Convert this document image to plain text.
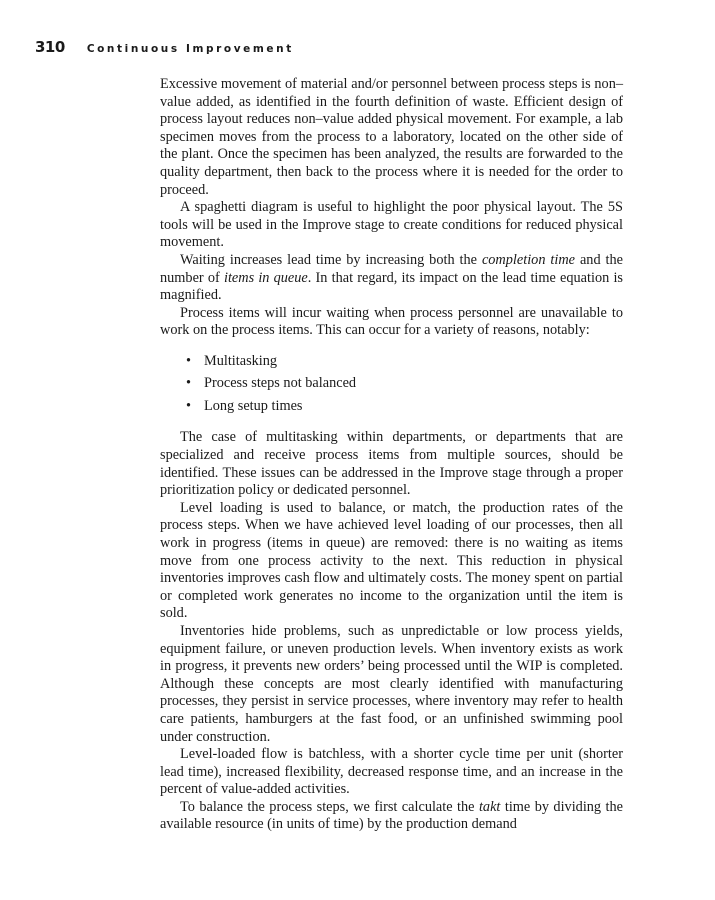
310 Continuous Improvement

Excessive movement of material and/or personnel between process steps is non–value added, as identified in the fourth definition of waste. Efficient design of process layout reduces non–value added physical movement. For example, a lab specimen moves from the process to a laboratory, located on the other side of the plant. Once the specimen has been analyzed, the results are forwarded to the quality department, then back to the process where it is needed for the order to proceed.

A spaghetti diagram is useful to highlight the poor physical layout. The 5S tools will be used in the Improve stage to create conditions for reduced physical movement.

Waiting increases lead time by increasing both the completion time and the number of items in queue. In that regard, its impact on the lead time equation is magnified.

Process items will incur waiting when process personnel are unavailable to work on the process items. This can occur for a variety of reasons, notably:

• Multitasking
• Process steps not balanced
• Long setup times

The case of multitasking within departments, or departments that are specialized and receive process items from multiple sources, should be identified. These issues can be addressed in the Improve stage through a proper prioritization policy or dedicated personnel.

Level loading is used to balance, or match, the production rates of the process steps. When we have achieved level loading of our processes, then all work in progress (items in queue) are removed: there is no waiting as items move from one process activity to the next. This reduction in physical inventories improves cash flow and ultimately costs. The money spent on partial or completed work generates no income to the organization until the item is sold.

Inventories hide problems, such as unpredictable or low process yields, equipment failure, or uneven production levels. When inventory exists as work in progress, it prevents new orders’ being processed until the WIP is completed. Although these concepts are most clearly identified with manufacturing processes, they persist in service processes, where inventory may refer to health care patients, hamburgers at the fast food, or an unfinished swimming pool under construction.

Level-loaded flow is batchless, with a shorter cycle time per unit (shorter lead time), increased flexibility, decreased response time, and an increase in the percent of value-added activities.

To balance the process steps, we first calculate the takt time by dividing the available resource (in units of time) by the production demand
